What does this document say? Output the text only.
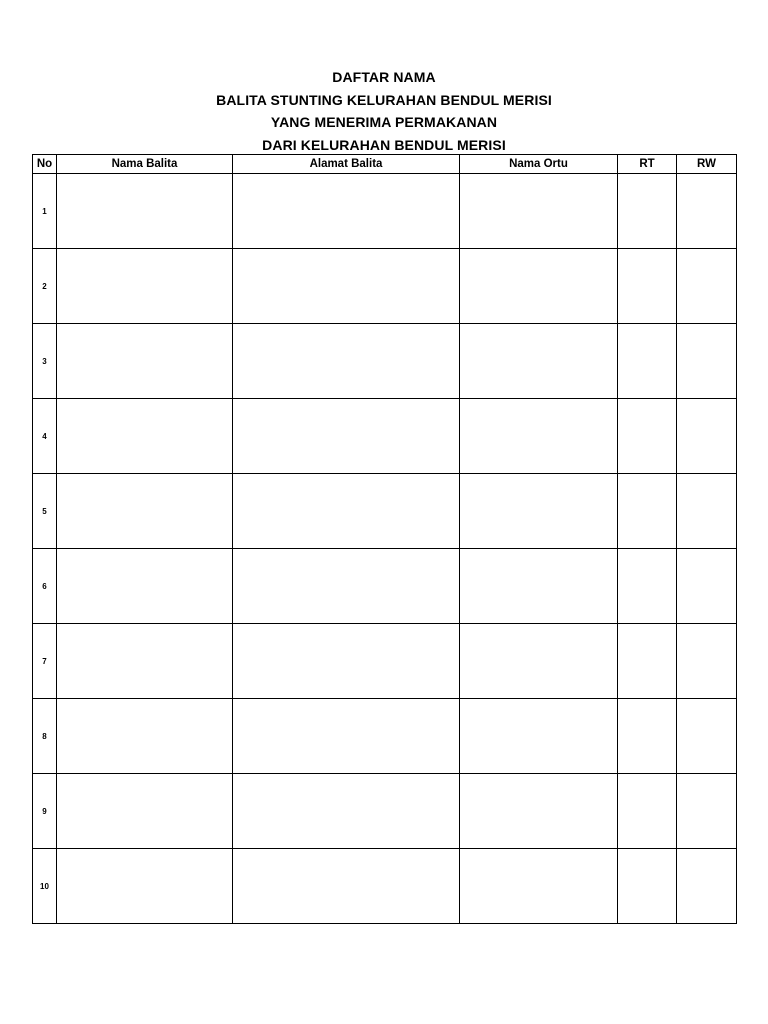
DAFTAR NAMA
BALITA STUNTING KELURAHAN BENDUL MERISI
YANG MENERIMA PERMAKANAN
DARI KELURAHAN BENDUL MERISI
No	Nama Balita	Alamat Balita	Nama Ortu	RT	RW
1					
2					
3					
4					
5					
6					
7					
8					
9					
10					
